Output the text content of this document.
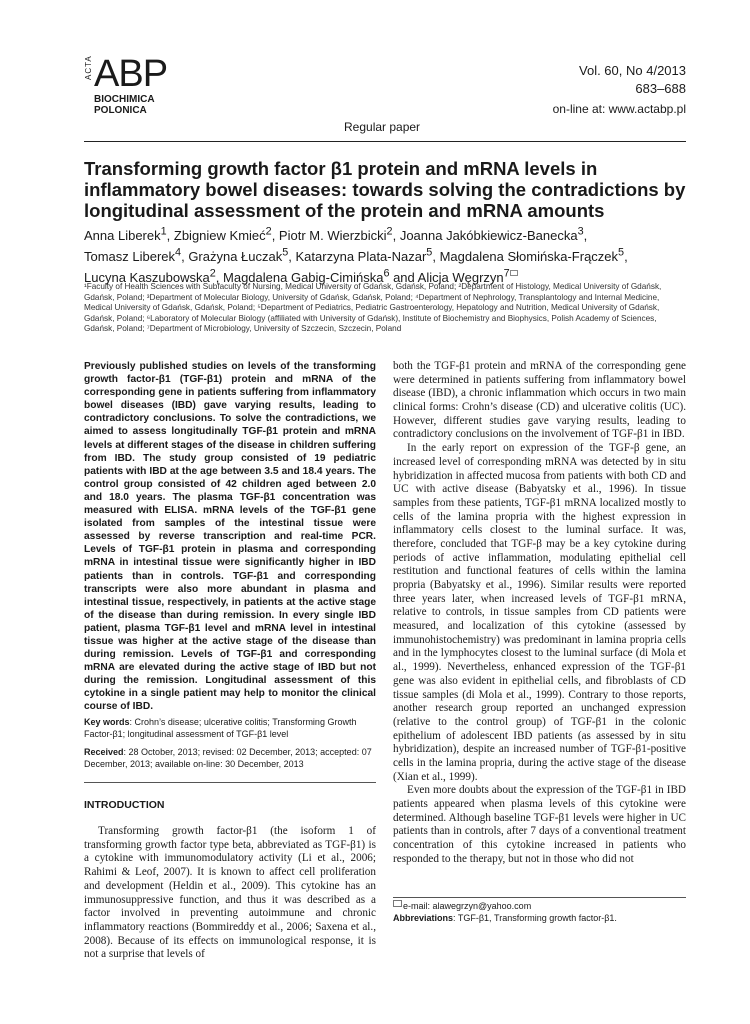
ACTA ABP
BIOCHIMICA
POLONICA
Vol. 60, No 4/2013
683–688
on-line at: www.actabp.pl
Regular paper
Transforming growth factor β1 protein and mRNA levels in inflammatory bowel diseases: towards solving the contradictions by longitudinal assessment of the protein and mRNA amounts
Anna Liberek$^1$, Zbigniew Kmieć$^2$, Piotr M. Wierzbicki$^2$, Joanna Jakóbkiewicz-Banecka$^3$,
Tomasz Liberek$^4$, Grażyna Łuczak$^5$, Katarzyna Plata-Nazar$^5$, Magdalena Słomińska-Frączek$^5$,
Lucyna Kaszubowska$^2$, Magdalena Gabig-Cimińska$^6$ and Alicja Węgrzyn$^7$
¹Faculty of Health Sciences with Subfaculty of Nursing, Medical University of Gdańsk, Gdańsk, Poland; ²Department of Histology, Medical University of Gdańsk, Gdańsk, Poland; ³Department of Molecular Biology, University of Gdańsk, Gdańsk, Poland; ⁴Department of Nephrology, Transplantology and Internal Medicine, Medical University of Gdańsk, Gdańsk, Poland; ⁵Department of Pediatrics, Pediatric Gastroenterology, Hepatology and Nutrition, Medical University of Gdańsk, Gdańsk, Poland; ⁶Laboratory of Molecular Biology (affiliated with University of Gdańsk), Institute of Biochemistry and Biophysics, Polish Academy of Sciences, Gdańsk, Poland; ⁷Department of Microbiology, University of Szczecin, Szczecin, Poland
Previously published studies on levels of the transforming growth factor-β1 (TGF-β1) protein and mRNA of the corresponding gene in patients suffering from inflammatory bowel diseases (IBD) gave varying results, leading to contradictory conclusions. To solve the contradictions, we aimed to assess longitudinally TGF-β1 protein and mRNA levels at different stages of the disease in children suffering from IBD. The study group consisted of 19 pediatric patients with IBD at the age between 3.5 and 18.4 years. The control group consisted of 42 children aged between 2.0 and 18.0 years. The plasma TGF-β1 concentration was measured with ELISA. mRNA levels of the TGF-β1 gene isolated from samples of the intestinal tissue were assessed by reverse transcription and real-time PCR. Levels of TGF-β1 protein in plasma and corresponding mRNA in intestinal tissue were significantly higher in IBD patients than in controls. TGF-β1 and corresponding transcripts were also more abundant in plasma and intestinal tissue, respectively, in patients at the active stage of the disease than during remission. In every single IBD patient, plasma TGF-β1 level and mRNA level in intestinal tissue was higher at the active stage of the disease than during remission. Levels of TGF-β1 and corresponding mRNA are elevated during the active stage of IBD but not during the remission. Longitudinal assessment of this cytokine in a single patient may help to monitor the clinical course of IBD.
Key words: Crohn’s disease; ulcerative colitis; Transforming Growth Factor-β1; longitudinal assessment of TGF-β1 level
Received: 28 October, 2013; revised: 02 December, 2013; accepted: 07 December, 2013; available on-line: 30 December, 2013
INTRODUCTION

Transforming growth factor-β1 (the isoform 1 of transforming growth factor type beta, abbreviated as TGF-β1) is a cytokine with immunomodulatory activity (Li et al., 2006; Rahimi & Leof, 2007). It is known to affect cell proliferation and development (Heldin et al., 2009). This cytokine has an immunosuppressive function, and thus it was described as a factor involved in preventing autoimmune and chronic inflammatory reactions (Bommireddy et al., 2006; Saxena et al., 2008). Because of its effects on immunological response, it is not a surprise that levels of

both the TGF-β1 protein and mRNA of the corresponding gene were determined in patients suffering from inflammatory bowel disease (IBD), a chronic inflammation which occurs in two main clinical forms: Crohn’s disease (CD) and ulcerative colitis (UC). However, different studies gave varying results, leading to contradictory conclusions on the involvement of TGF-β1 in IBD.

In the early report on expression of the TGF-β gene, an increased level of corresponding mRNA was detected by in situ hybridization in affected mucosa from patients with both CD and UC with active disease (Babyatsky et al., 1996). In tissue samples from these patients, TGF-β1 mRNA localized mostly to cells of the lamina propria with the highest expression in inflammatory cells closest to the luminal surface. It was, therefore, concluded that TGF-β may be a key cytokine during periods of active inflammation, modulating epithelial cell restitution and functional features of cells within the lamina propria (Babyatsky et al., 1996). Similar results were reported three years later, when increased levels of TGF-β1 mRNA, relative to controls, in tissue samples from CD patients were measured, and localization of this cytokine (assessed by immunohistochemistry) was predominant in lamina propria cells and in the lymphocytes closest to the luminal surface (di Mola et al., 1999). Nevertheless, enhanced expression of the TGF-β1 gene was also evident in epithelial cells, and fibroblasts of CD tissue samples (di Mola et al., 1999). Contrary to those reports, another research group reported an unchanged expression (relative to the control group) of TGF-β1 in the colonic epithelium of adolescent IBD patients (as assessed by in situ hybridization), despite an increased number of TGF-β1-positive cells in the lamina propria, during the active stage of the disease (Xian et al., 1999).

Even more doubts about the expression of the TGF-β1 in IBD patients appeared when plasma levels of this cytokine were determined. Although baseline TGF-β1 levels were higher in UC patients than in controls, after 7 days of a conventional treatment concentration of this cytokine increased in patients who responded to the therapy, but not in those who did not

e-mail: alawegrzyn@yahoo.com
Abbreviations: TGF-β1, Transforming growth factor-β1.
